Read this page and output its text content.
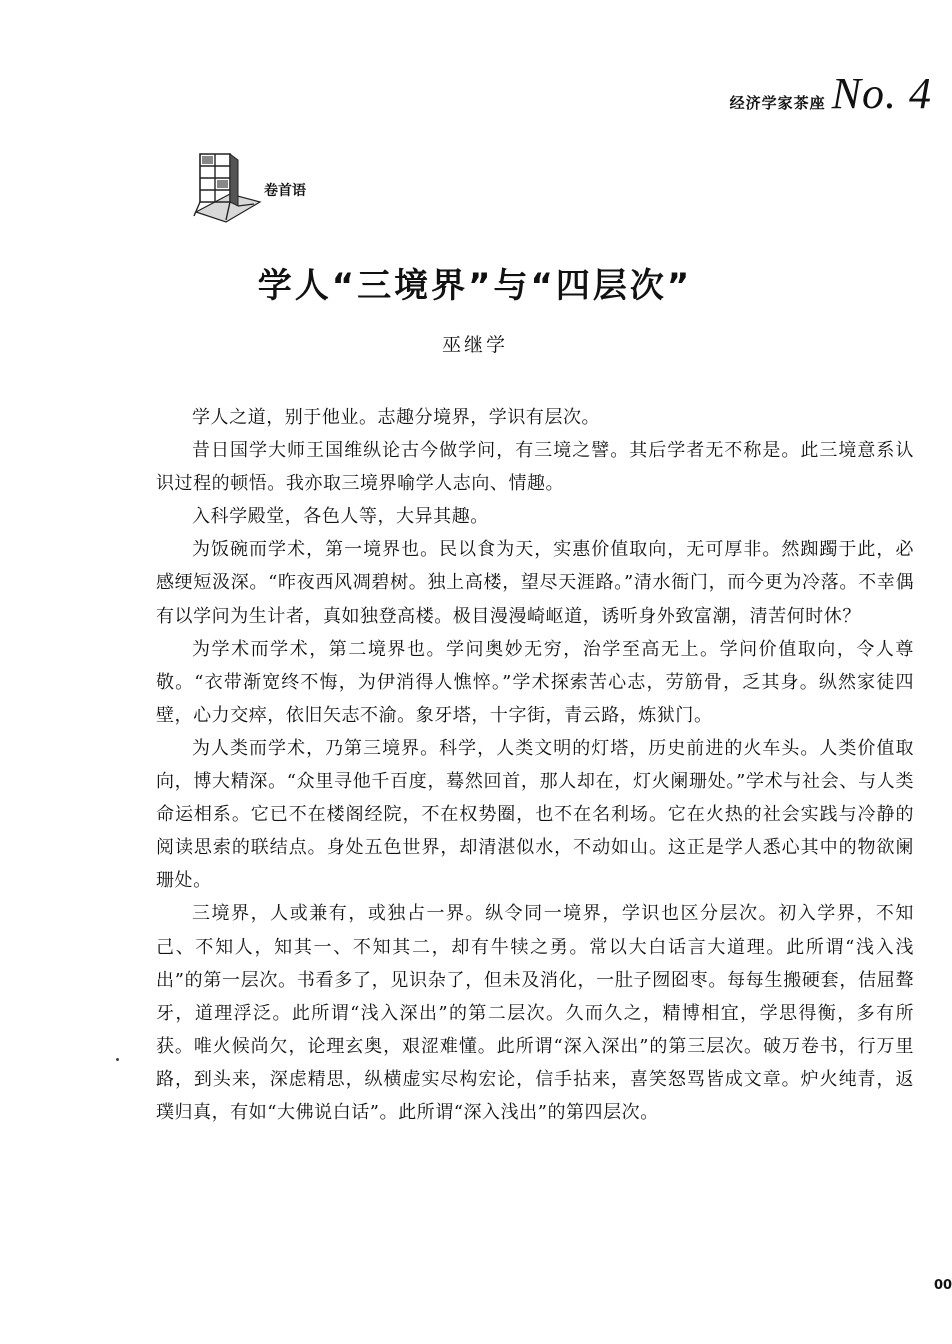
经济学家茶座 No. 4
卷首语
学人“三境界”与“四层次”
巫继学

学人之道，别于他业。志趣分境界，学识有层次。

昔日国学大师王国维纵论古今做学问，有三境之譬。其后学者无不称是。此三境意系认识过程的顿悟。我亦取三境界喻学人志向、情趣。

入科学殿堂，各色人等，大异其趣。

为饭碗而学术，第一境界也。民以食为天，实惠价值取向，无可厚非。然踟躅于此，必感绠短汲深。“昨夜西风凋碧树。独上高楼，望尽天涯路。”清水衙门，而今更为冷落。不幸偶有以学问为生计者，真如独登高楼。极目漫漫崎岖道，诱听身外致富潮，清苦何时休？

为学术而学术，第二境界也。学问奥妙无穷，治学至高无上。学问价值取向，令人尊敬。“衣带渐宽终不悔，为伊消得人憔悴。”学术探索苦心志，劳筋骨，乏其身。纵然家徒四壁，心力交瘁，依旧矢志不渝。象牙塔，十字街，青云路，炼狱门。

为人类而学术，乃第三境界。科学，人类文明的灯塔，历史前进的火车头。人类价值取向，博大精深。“众里寻他千百度，蓦然回首，那人却在，灯火阑珊处。”学术与社会、与人类命运相系。它已不在楼阁经院，不在权势圈，也不在名利场。它在火热的社会实践与冷静的阅读思索的联结点。身处五色世界，却清湛似水，不动如山。这正是学人悉心其中的物欲阑珊处。

三境界，人或兼有，或独占一界。纵令同一境界，学识也区分层次。初入学界，不知己、不知人，知其一、不知其二，却有牛犊之勇。常以大白话言大道理。此所谓“浅入浅出”的第一层次。书看多了，见识杂了，但未及消化，一肚子囫囵枣。每每生搬硬套，佶屈聱牙，道理浮泛。此所谓“浅入深出”的第二层次。久而久之，精博相宜，学思得衡，多有所获。唯火候尚欠，论理玄奥，艰涩难懂。此所谓“深入深出”的第三层次。破万卷书，行万里路，到头来，深虑精思，纵横虚实尽构宏论，信手拈来，喜笑怒骂皆成文章。炉火纯青，返璞归真，有如“大佛说白话”。此所谓“深入浅出”的第四层次。

00
